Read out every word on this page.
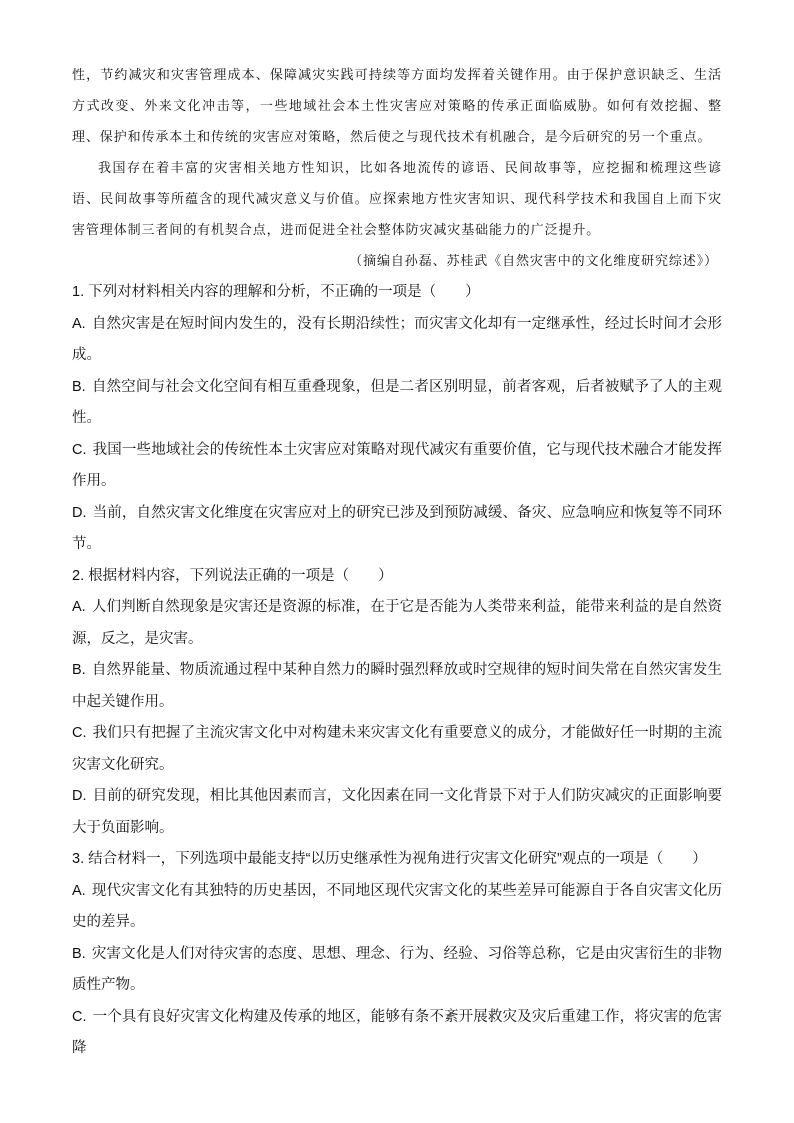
性，节约减灾和灾害管理成本、保障减灾实践可持续等方面均发挥着关键作用。由于保护意识缺乏、生活方式改变、外来文化冲击等，一些地域社会本土性灾害应对策略的传承正面临威胁。如何有效挖掘、整理、保护和传承本土和传统的灾害应对策略，然后使之与现代技术有机融合，是今后研究的另一个重点。

我国存在着丰富的灾害相关地方性知识，比如各地流传的谚语、民间故事等，应挖掘和梳理这些谚语、民间故事等所蕴含的现代减灾意义与价值。应探索地方性灾害知识、现代科学技术和我国自上而下灾害管理体制三者间的有机契合点，进而促进全社会整体防灾减灾基础能力的广泛提升。

（摘编自孙磊、苏桂武《自然灾害中的文化维度研究综述》）

1. 下列对材料相关内容的理解和分析，不正确的一项是（　　）
A. 自然灾害是在短时间内发生的，没有长期沿续性；而灾害文化却有一定继承性，经过长时间才会形成。
B. 自然空间与社会文化空间有相互重叠现象，但是二者区别明显，前者客观，后者被赋予了人的主观性。
C. 我国一些地域社会的传统性本土灾害应对策略对现代减灾有重要价值，它与现代技术融合才能发挥作用。
D. 当前，自然灾害文化维度在灾害应对上的研究已涉及到预防减缓、备灾、应急响应和恢复等不同环节。
2. 根据材料内容，下列说法正确的一项是（　　）
A. 人们判断自然现象是灾害还是资源的标准，在于它是否能为人类带来利益，能带来利益的是自然资源，反之，是灾害。
B. 自然界能量、物质流通过程中某种自然力的瞬时强烈释放或时空规律的短时间失常在自然灾害发生中起关键作用。
C. 我们只有把握了主流灾害文化中对构建未来灾害文化有重要意义的成分，才能做好任一时期的主流灾害文化研究。
D. 目前的研究发现，相比其他因素而言，文化因素在同一文化背景下对于人们防灾减灾的正面影响要大于负面影响。
3. 结合材料一，下列选项中最能支持“以历史继承性为视角进行灾害文化研究”观点的一项是（　　）
A. 现代灾害文化有其独特的历史基因，不同地区现代灾害文化的某些差异可能源自于各自灾害文化历史的差异。
B. 灾害文化是人们对待灾害的态度、思想、理念、行为、经验、习俗等总称，它是由灾害衍生的非物质性产物。
C. 一个具有良好灾害文化构建及传承的地区，能够有条不紊开展救灾及灾后重建工作，将灾害的危害降
